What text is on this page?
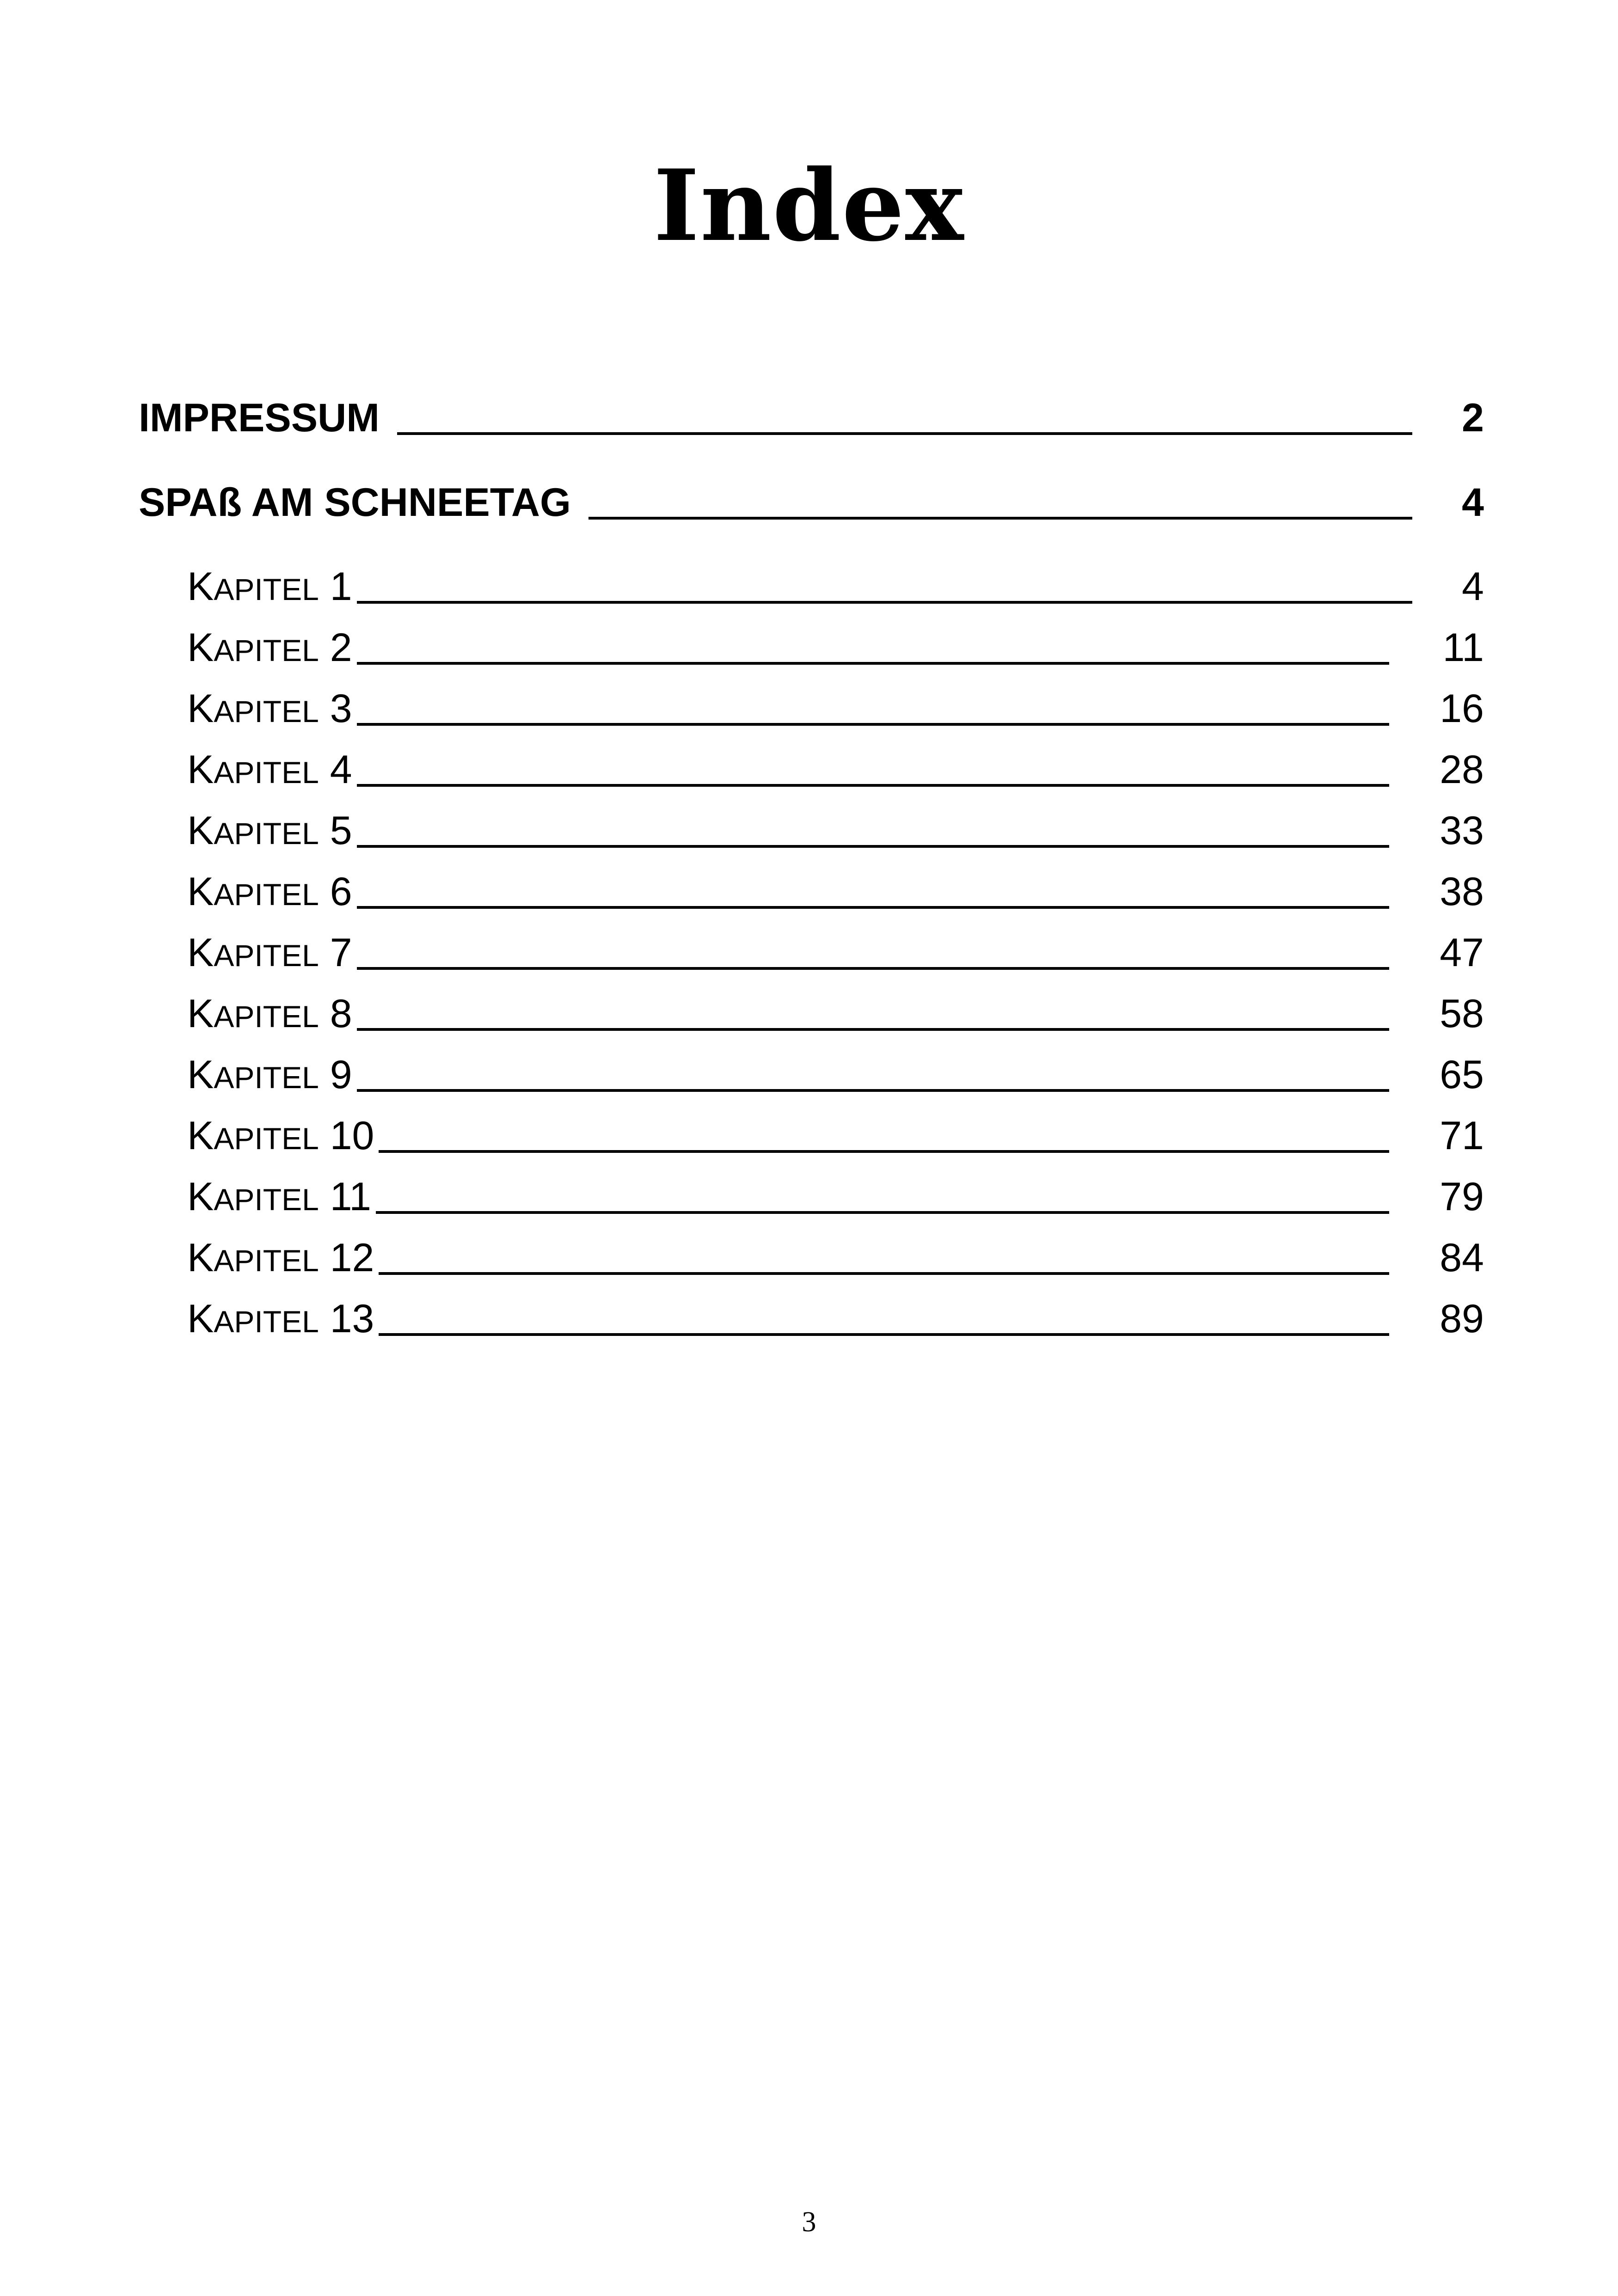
Index
IMPRESSUM	2
SPAß AM SCHNEETAG	4
KAPITEL 1	4
KAPITEL 2	11
KAPITEL 3	16
KAPITEL 4	28
KAPITEL 5	33
KAPITEL 6	38
KAPITEL 7	47
KAPITEL 8	58
KAPITEL 9	65
KAPITEL 10	71
KAPITEL 11	79
KAPITEL 12	84
KAPITEL 13	89
3
